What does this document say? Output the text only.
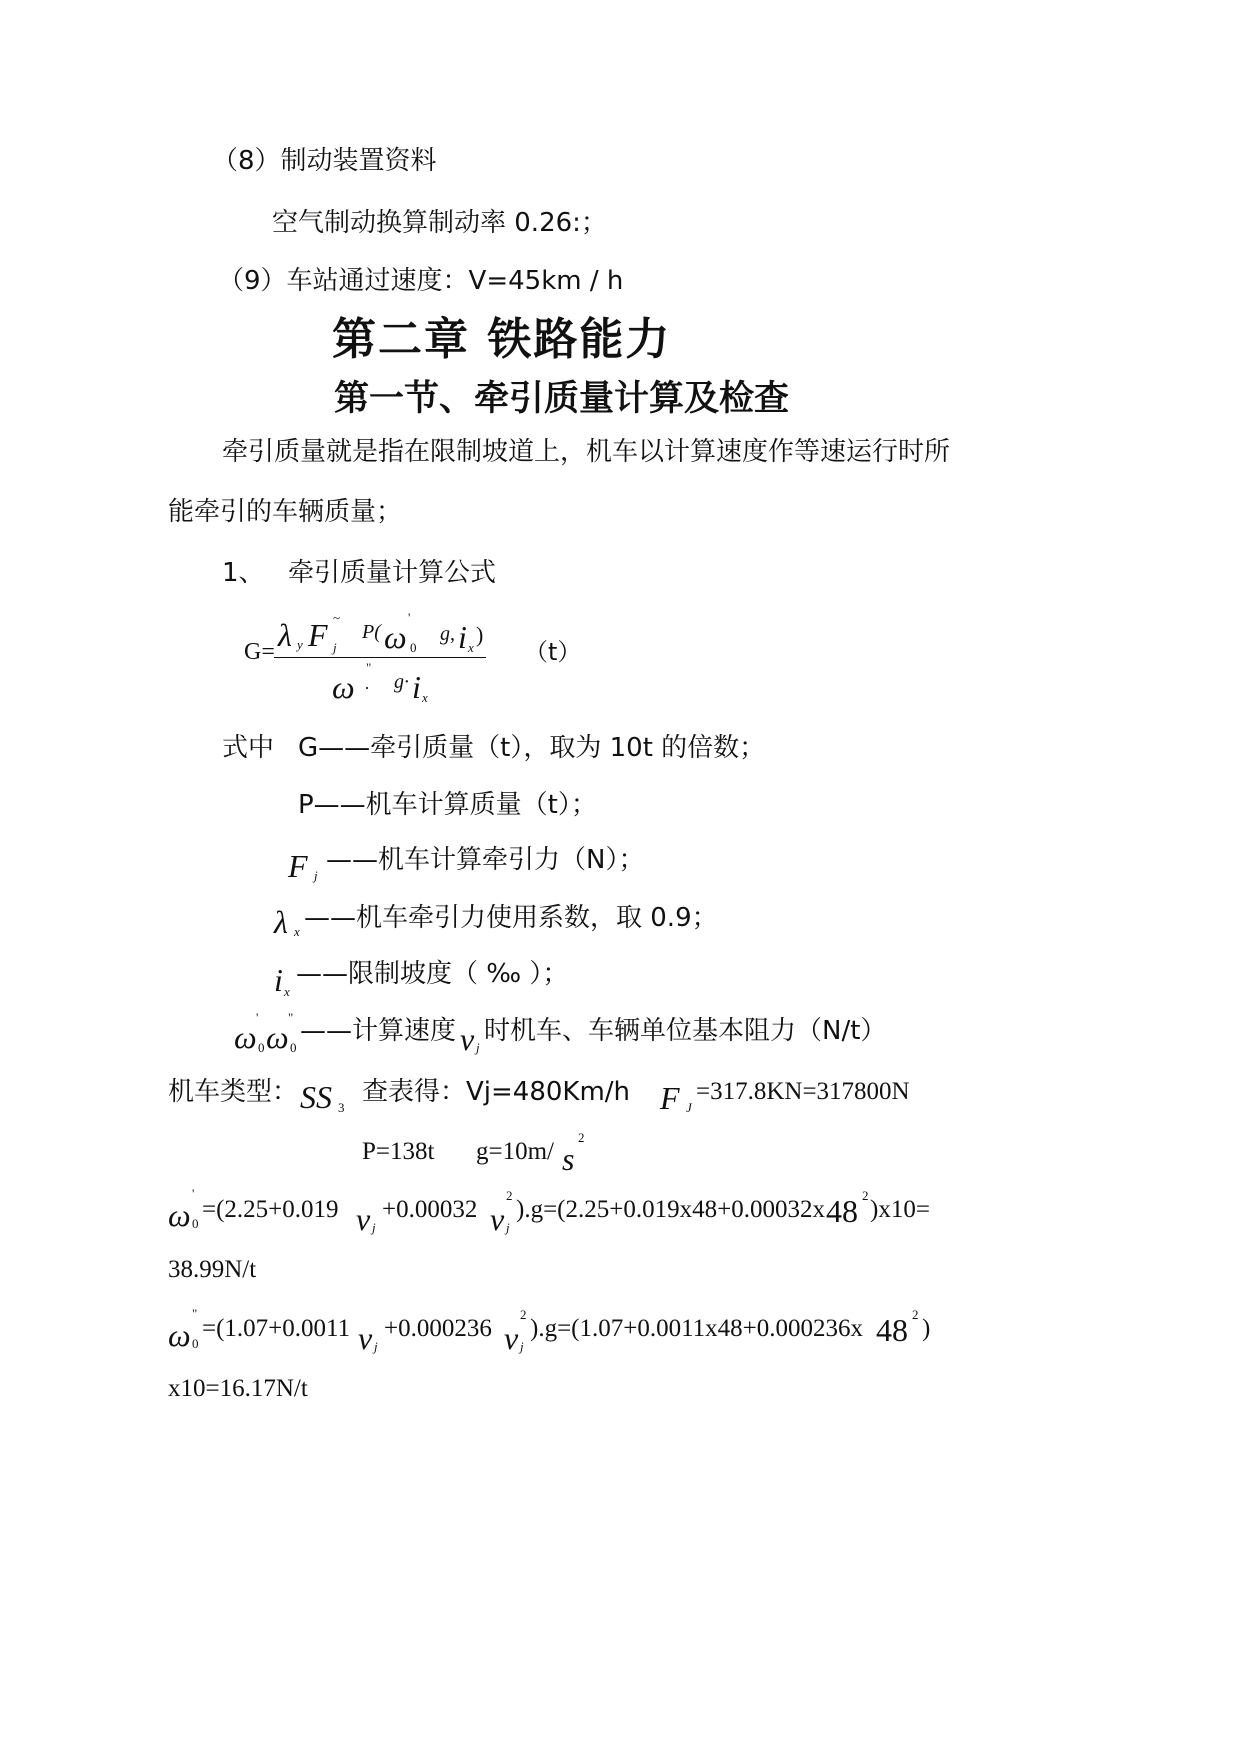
（8）制动装置资料
空气制动换算制动率 0.26:；
（9）车站通过速度：V=45km / h
第二章 铁路能力
第一节、牵引质量计算及检查
牵引质量就是指在限制坡道上，机车以计算速度作等速运行时所
能牵引的车辆质量；
1、 牵引质量计算公式
G= λ y F ~
j
P( ω
'
0
g, i x
)
ω
"
· g· i x
（t）
式中 G——牵引质量（t），取为 10t 的倍数；
P——机车计算质量（t）；
F j
——机车计算牵引力（N）；
λ x ——机车牵引力使用系数，取 0.9；
i x
——限制坡度（ ‰ ）；
ω
'
0 ω
"
0
——计算速度 v j
时机车、车辆单位基本阻力（N/t）
机车类型： SS 3
查表得：Vj=480Km/h F J
=317.8KN=317800N
P=138t g=10m/ s
2
ω
'
0
=(2.25+0.019 v j
+0.00032 v
2
j
).g=(2.25+0.019x48+0.00032x 48 2
)x10=
38.99N/t
ω
"
0
=(1.07+0.0011 v j
+0.000236 v
2
j
).g=(1.07+0.0011x48+0.000236x 48 2
)
x10=16.17N/t
